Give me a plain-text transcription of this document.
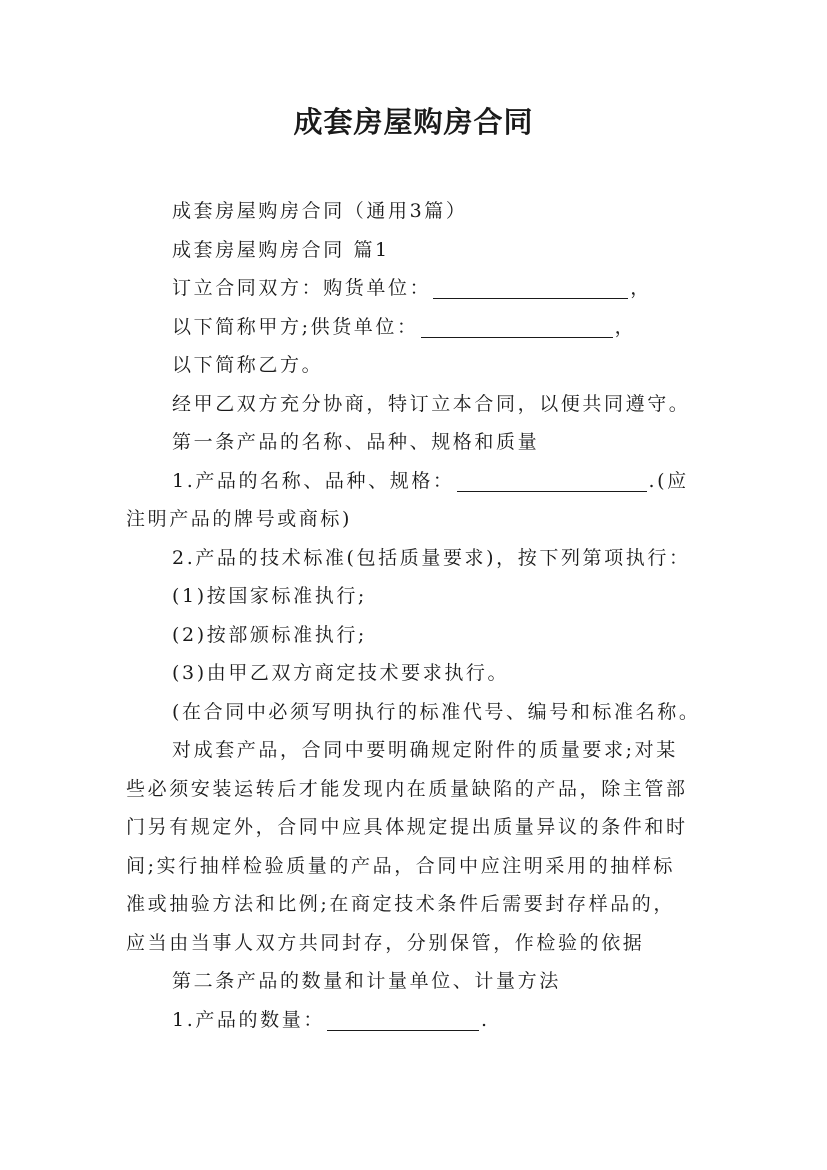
成套房屋购房合同
成套房屋购房合同（通用3篇）
成套房屋购房合同 篇1
订立合同双方：购货单位：	，
以下简称甲方;供货单位：	，
以下简称乙方。
经甲乙双方充分协商，特订立本合同，以便共同遵守。
第一条产品的名称、品种、规格和质量
1.产品的名称、品种、规格：	.(应
注明产品的牌号或商标)
2.产品的技术标准(包括质量要求)，按下列第项执行：
(1)按国家标准执行;
(2)按部颁标准执行;
(3)由甲乙双方商定技术要求执行。
(在合同中必须写明执行的标准代号、编号和标准名称。
对成套产品，合同中要明确规定附件的质量要求;对某
些必须安装运转后才能发现内在质量缺陷的产品，除主管部
门另有规定外，合同中应具体规定提出质量异议的条件和时
间;实行抽样检验质量的产品，合同中应注明采用的抽样标
准或抽验方法和比例;在商定技术条件后需要封存样品的，
应当由当事人双方共同封存，分别保管，作检验的依据
第二条产品的数量和计量单位、计量方法
1.产品的数量：	.
